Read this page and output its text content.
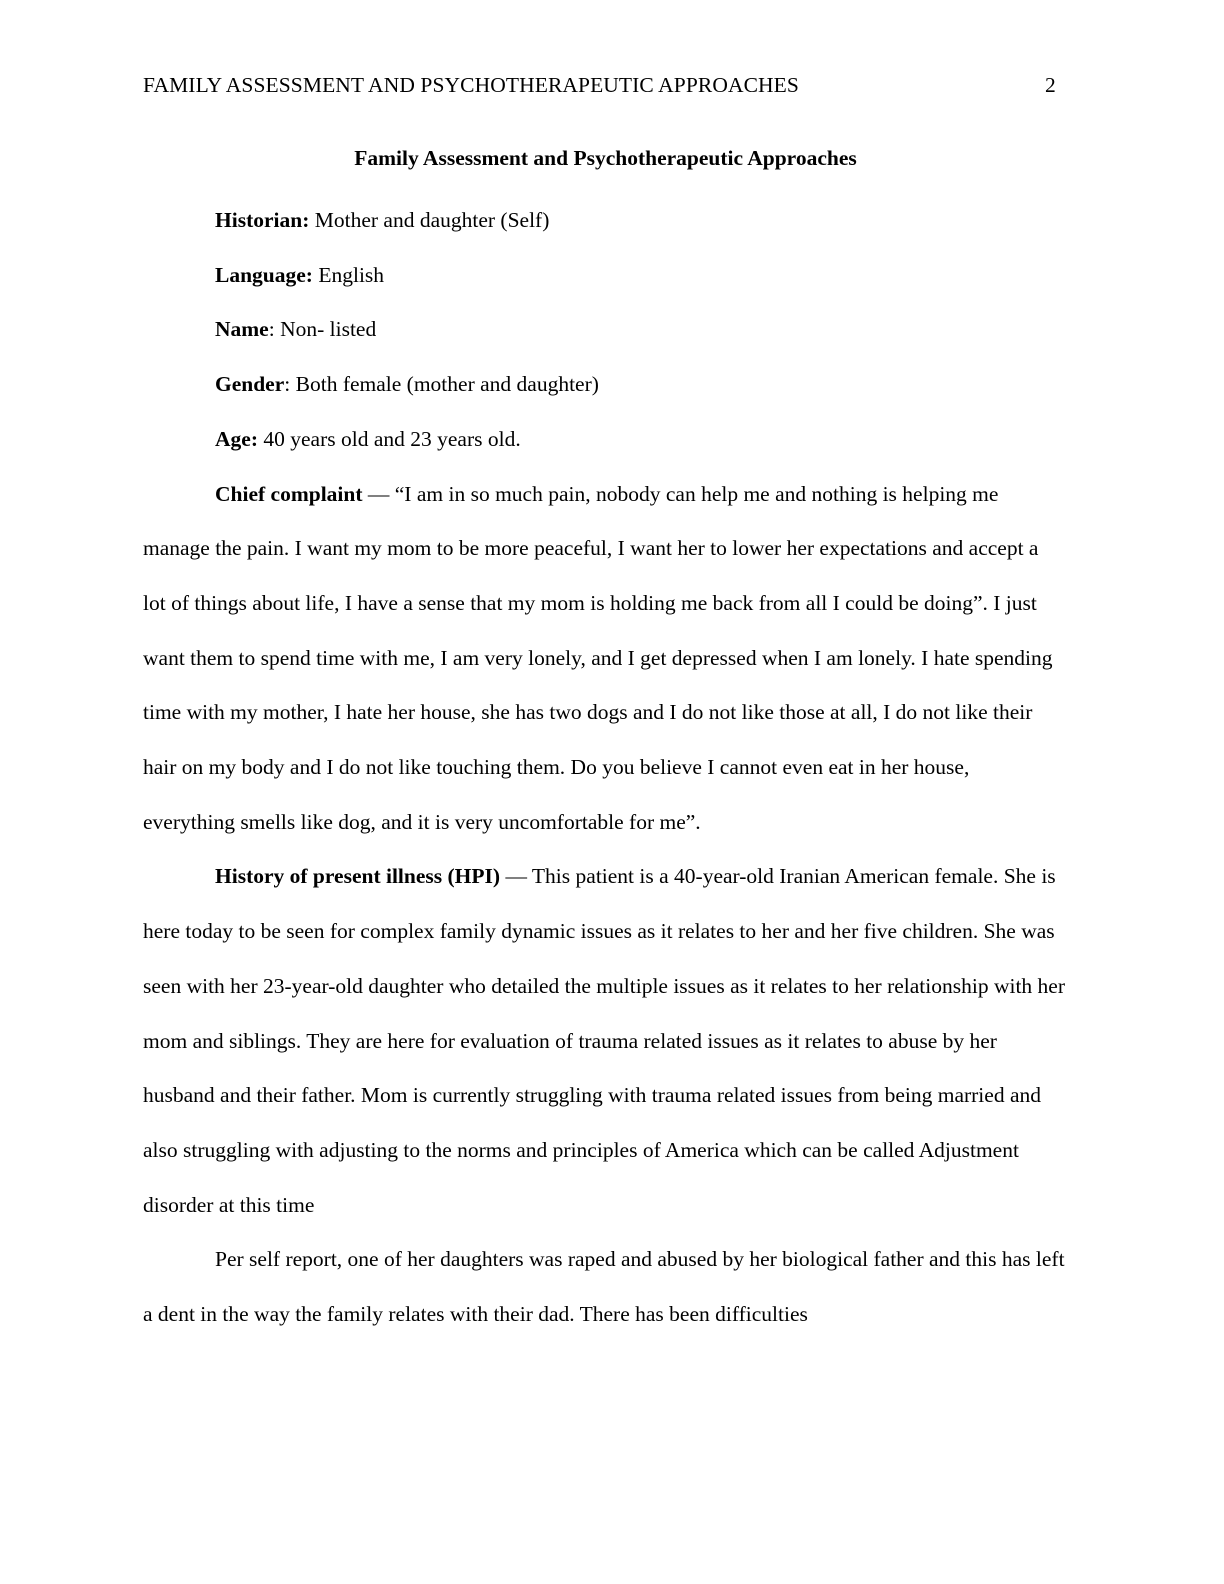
FAMILY ASSESSMENT AND PSYCHOTHERAPEUTIC APPROACHES	2
Family Assessment and Psychotherapeutic Approaches
Historian: Mother and daughter (Self)
Language: English
Name: Non- listed
Gender: Both female (mother and daughter)
Age: 40 years old and 23 years old.

Chief complaint — “I am in so much pain, nobody can help me and nothing is helping me manage the pain. I want my mom to be more peaceful, I want her to lower her expectations and accept a lot of things about life, I have a sense that my mom is holding me back from all I could be doing”. I just want them to spend time with me, I am very lonely, and I get depressed when I am lonely. I hate spending time with my mother, I hate her house, she has two dogs and I do not like those at all, I do not like their hair on my body and I do not like touching them. Do you believe I cannot even eat in her house, everything smells like dog, and it is very uncomfortable for me”.

History of present illness (HPI) — This patient is a 40-year-old Iranian American female. She is here today to be seen for complex family dynamic issues as it relates to her and her five children. She was seen with her 23-year-old daughter who detailed the multiple issues as it relates to her relationship with her mom and siblings. They are here for evaluation of trauma related issues as it relates to abuse by her husband and their father. Mom is currently struggling with trauma related issues from being married and also struggling with adjusting to the norms and principles of America which can be called Adjustment disorder at this time

Per self report, one of her daughters was raped and abused by her biological father and this has left a dent in the way the family relates with their dad. There has been difficulties
